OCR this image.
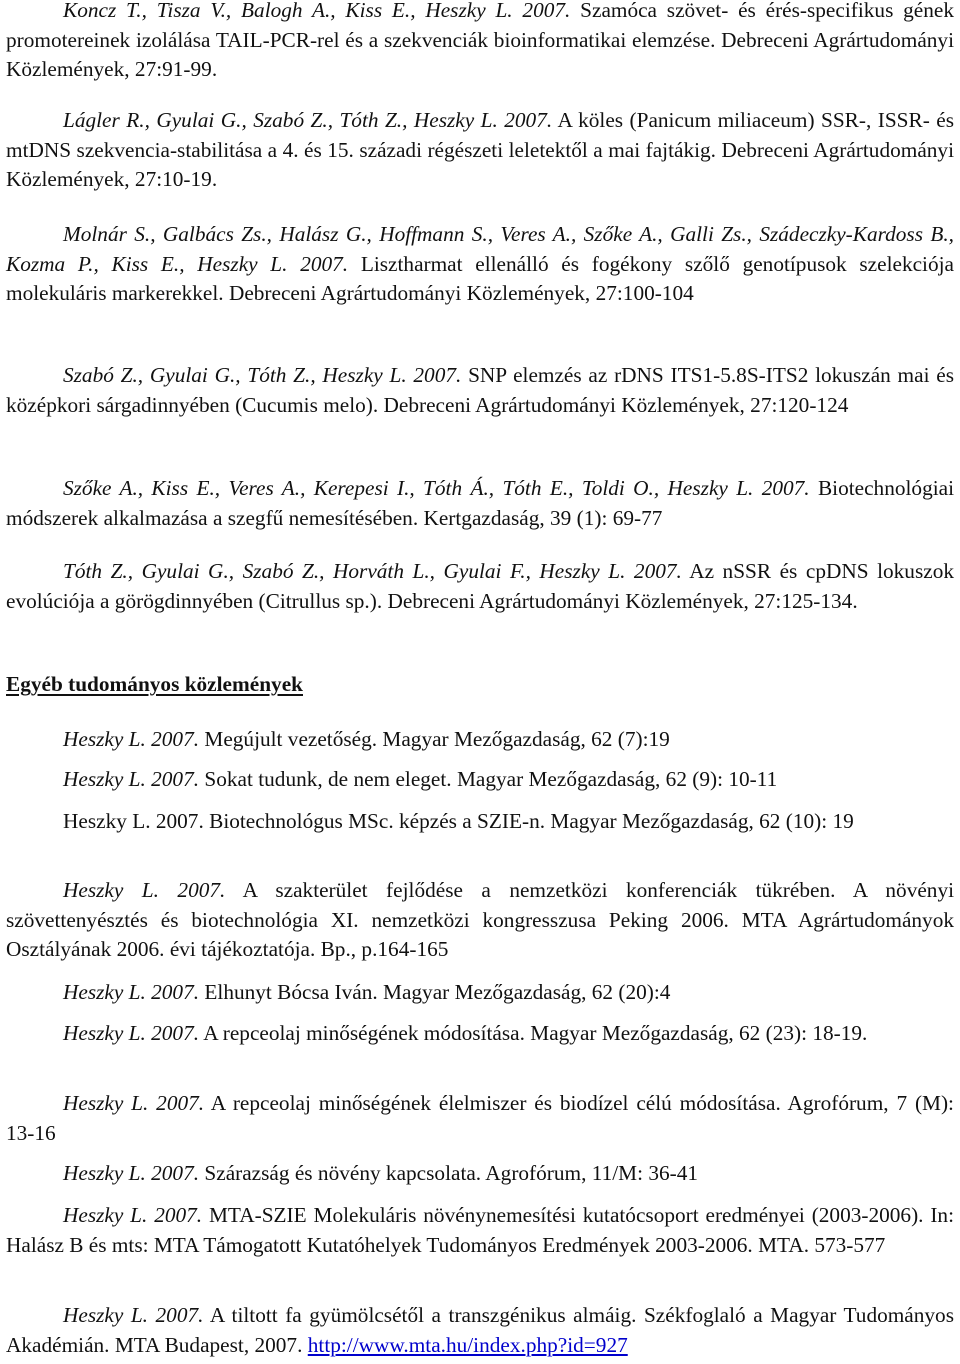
Koncz T., Tisza V., Balogh A., Kiss E., Heszky L. 2007. Szamóca szövet- és érés-specifikus gének promotereinek izolálása TAIL-PCR-rel és a szekvenciák bioinformatikai elemzése. Debreceni Agrártudományi Közlemények, 27:91-99.
Lágler R., Gyulai G., Szabó Z., Tóth Z., Heszky L. 2007. A köles (Panicum miliaceum) SSR-, ISSR- és mtDNS szekvencia-stabilitása a 4. és 15. századi régészeti leletektől a mai fajtákig. Debreceni Agrártudományi Közlemények, 27:10-19.
Molnár S., Galbács Zs., Halász G., Hoffmann S., Veres A., Szőke A., Galli Zs., Szádeczky-Kardoss B., Kozma P., Kiss E., Heszky L. 2007. Lisztharmat ellenálló és fogékony szőlő genotípusok szelekciója molekuláris markerekkel. Debreceni Agrártudományi Közlemények, 27:100-104
Szabó Z., Gyulai G., Tóth Z., Heszky L. 2007. SNP elemzés az rDNS ITS1-5.8S-ITS2 lokuszán mai és középkori sárgadinnyében (Cucumis melo). Debreceni Agrártudományi Közlemények, 27:120-124
Szőke A., Kiss E., Veres A., Kerepesi I., Tóth Á., Tóth E., Toldi O., Heszky L. 2007. Biotechnológiai módszerek alkalmazása a szegfű nemesítésében. Kertgazdaság, 39 (1): 69-77
Tóth Z., Gyulai G., Szabó Z., Horváth L., Gyulai F., Heszky L. 2007. Az nSSR és cpDNS lokuszok evolúciója a görögdinnyében (Citrullus sp.). Debreceni Agrártudományi Közlemények, 27:125-134.
Egyéb tudományos közlemények
Heszky L. 2007. Megújult vezetőség. Magyar Mezőgazdaság, 62 (7):19
Heszky L. 2007. Sokat tudunk, de nem eleget. Magyar Mezőgazdaság, 62 (9): 10-11
Heszky L. 2007. Biotechnológus MSc. képzés a SZIE-n. Magyar Mezőgazdaság, 62 (10): 19
Heszky L. 2007. A szakterület fejlődése a nemzetközi konferenciák tükrében. A növényi szövettenyésztés és biotechnológia XI. nemzetközi kongresszusa Peking 2006. MTA Agrártudományok Osztályának 2006. évi tájékoztatója. Bp., p.164-165
Heszky L. 2007. Elhunyt Bócsa Iván. Magyar Mezőgazdaság, 62 (20):4
Heszky L. 2007. A repceolaj minőségének módosítása. Magyar Mezőgazdaság, 62 (23): 18-19.
Heszky L. 2007. A repceolaj minőségének élelmiszer és biodízel célú módosítása. Agrofórum, 7 (M): 13-16
Heszky L. 2007. Szárazság és növény kapcsolata. Agrofórum, 11/M: 36-41
Heszky L. 2007. MTA-SZIE Molekuláris növénynemesítési kutatócsoport eredményei (2003-2006). In: Halász B és mts: MTA Támogatott Kutatóhelyek Tudományos Eredmények 2003-2006. MTA. 573-577
Heszky L. 2007. A tiltott fa gyümölcsétől a transzgénikus almáig. Székfoglaló a Magyar Tudományos Akadémián. MTA Budapest, 2007. http://www.mta.hu/index.php?id=927
